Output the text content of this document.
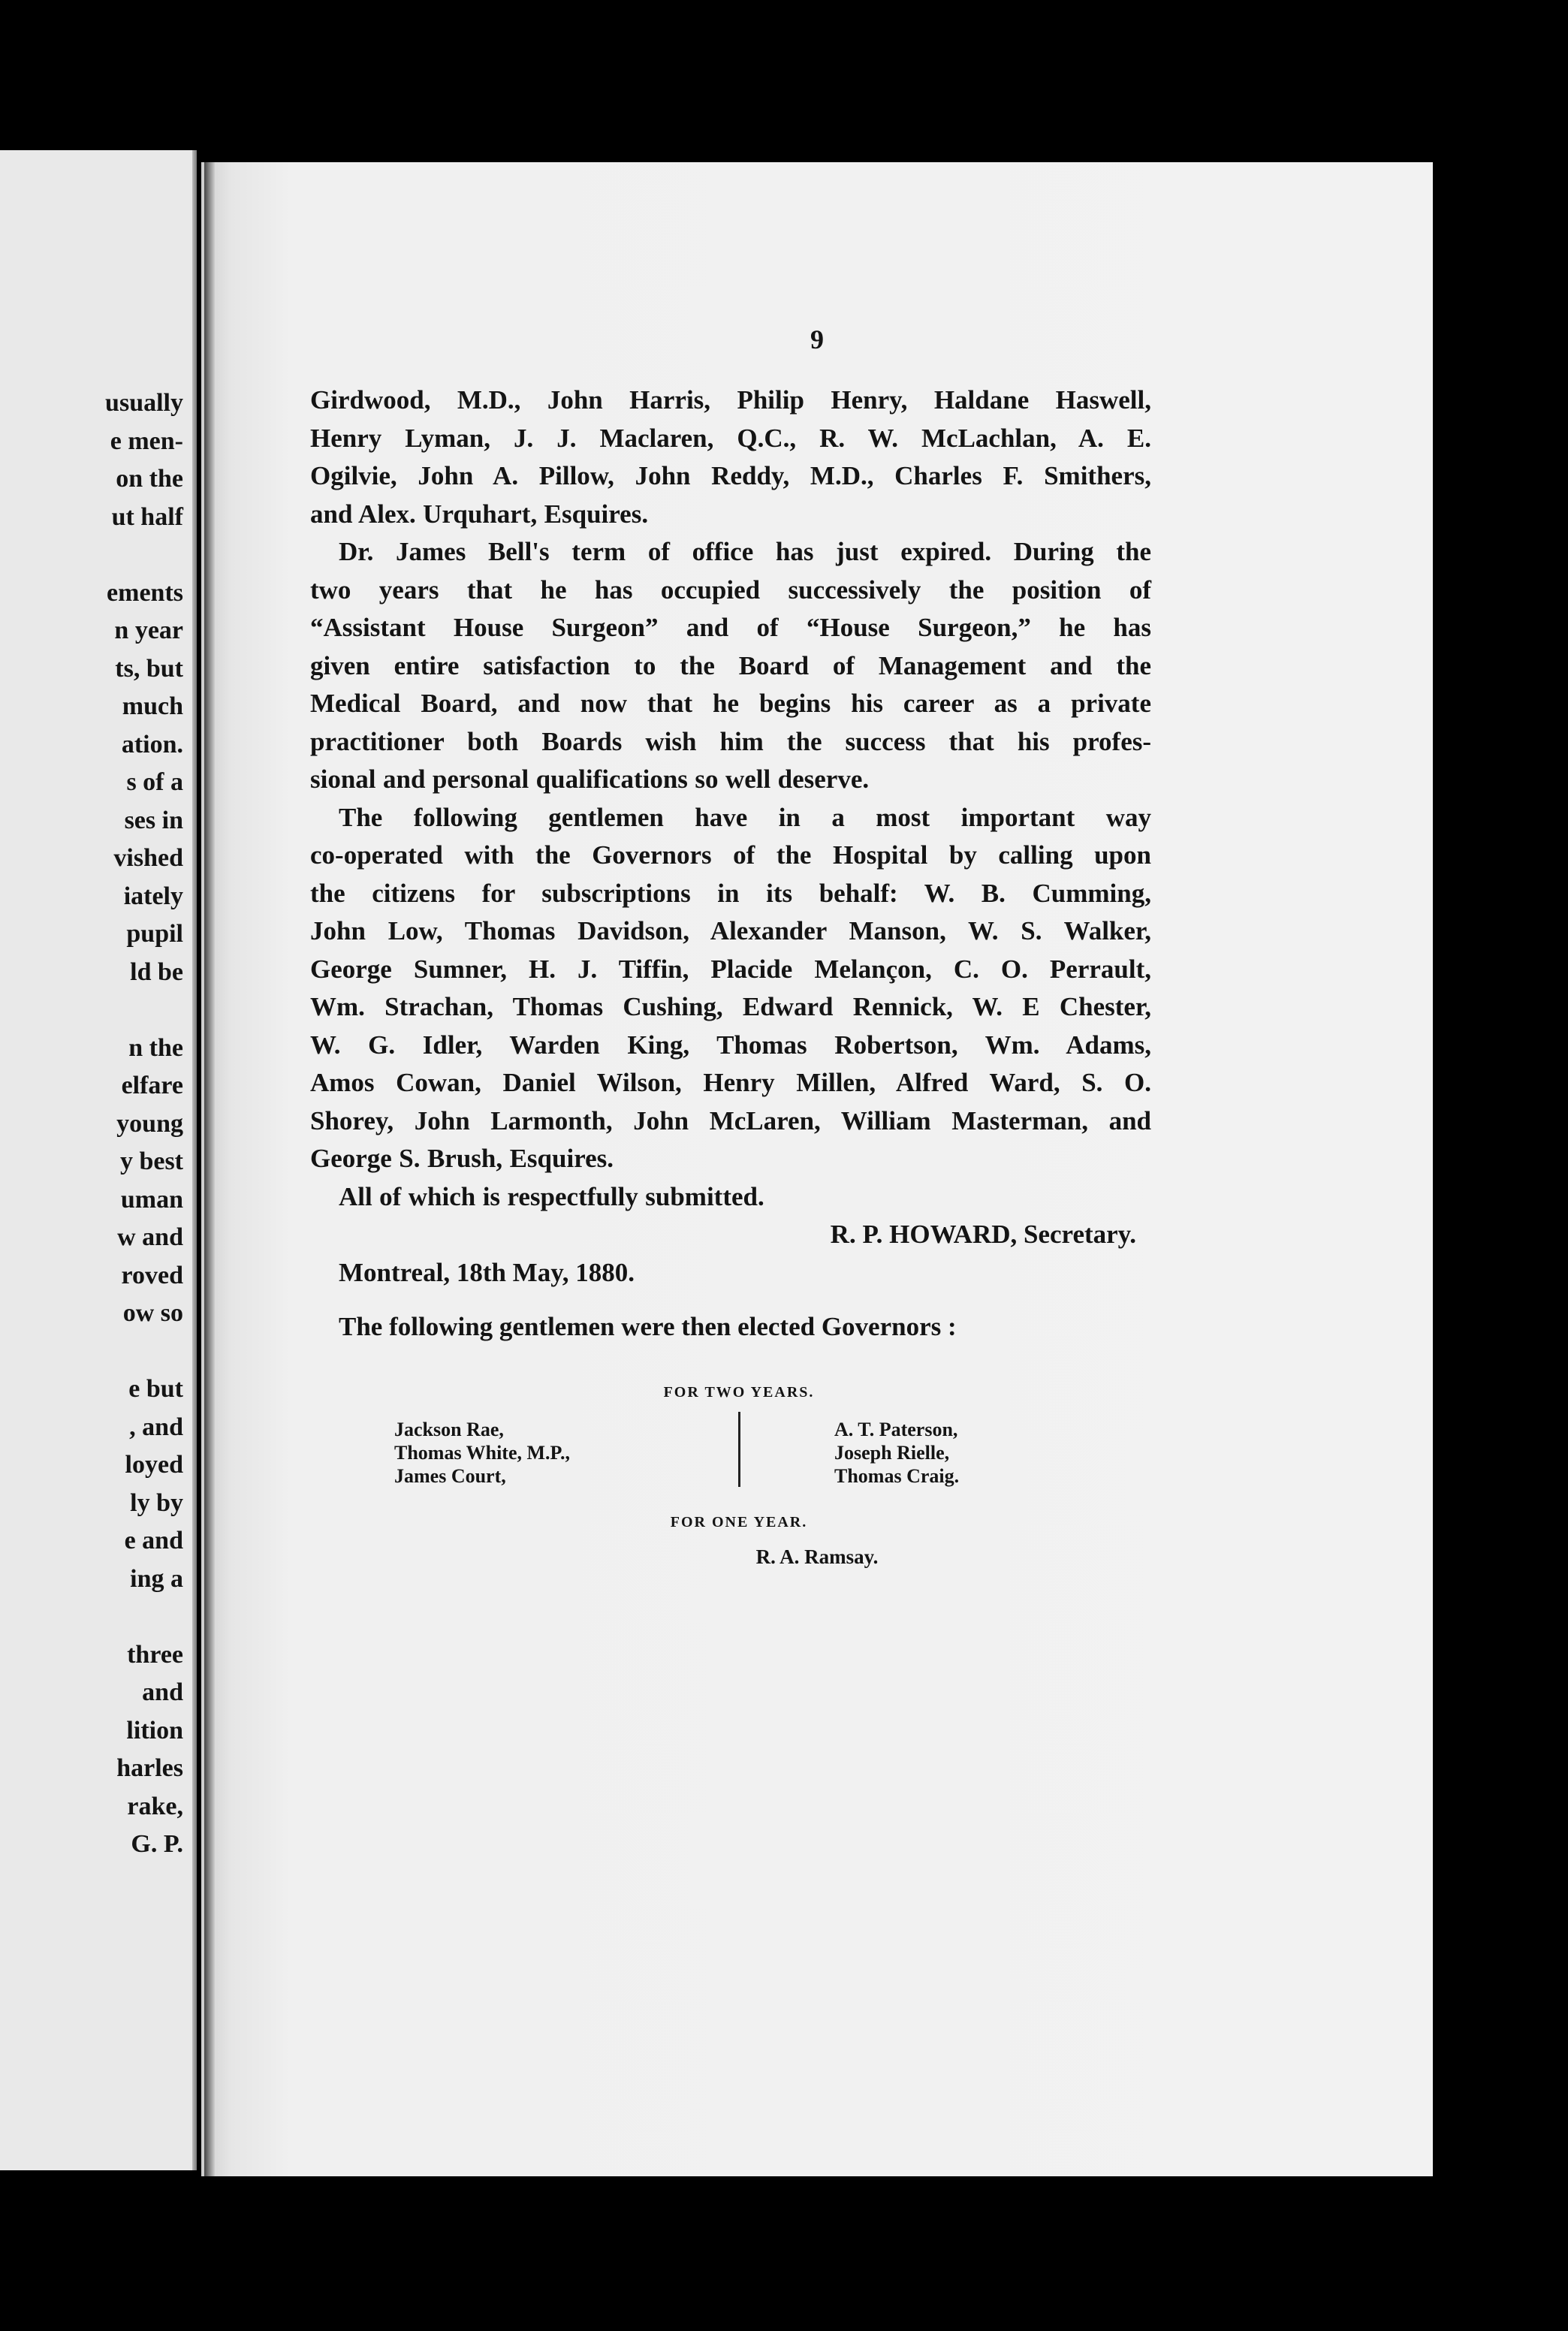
usually
e men-
on the
ut half
ements
n year
ts, but
much
ation.
s of a
ses in
vished
iately
pupil
ld be
n the
elfare
young
y best
uman
w and
roved
ow so
e but
, and
loyed
ly by
e and
ing a
three
and
lition
harles
rake,
G. P.
9
Girdwood, M.D., John Harris, Philip Henry, Haldane Haswell,
Henry Lyman, J. J. Maclaren, Q.C., R. W. McLachlan, A. E.
Ogilvie, John A. Pillow, John Reddy, M.D., Charles F. Smithers,
and Alex. Urquhart, Esquires.
Dr. James Bell's term of office has just expired. During the
two years that he has occupied successively the position of
“Assistant House Surgeon” and of “House Surgeon,” he has
given entire satisfaction to the Board of Management and the
Medical Board, and now that he begins his career as a private
practitioner both Boards wish him the success that his profes-
sional and personal qualifications so well deserve.
The following gentlemen have in a most important way
co-operated with the Governors of the Hospital by calling upon
the citizens for subscriptions in its behalf: W. B. Cumming,
John Low, Thomas Davidson, Alexander Manson, W. S. Walker,
George Sumner, H. J. Tiffin, Placide Melançon, C. O. Perrault,
Wm. Strachan, Thomas Cushing, Edward Rennick, W. E Chester,
W. G. Idler, Warden King, Thomas Robertson, Wm. Adams,
Amos Cowan, Daniel Wilson, Henry Millen, Alfred Ward, S. O.
Shorey, John Larmonth, John McLaren, William Masterman, and
George S. Brush, Esquires.
All of which is respectfully submitted.
R. P. HOWARD, Secretary.
Montreal, 18th May, 1880.
The following gentlemen were then elected Governors :
FOR TWO YEARS.
Jackson Rae,
Thomas White, M.P.,
James Court,
A. T. Paterson,
Joseph Rielle,
Thomas Craig.
FOR ONE YEAR.
R. A. Ramsay.
